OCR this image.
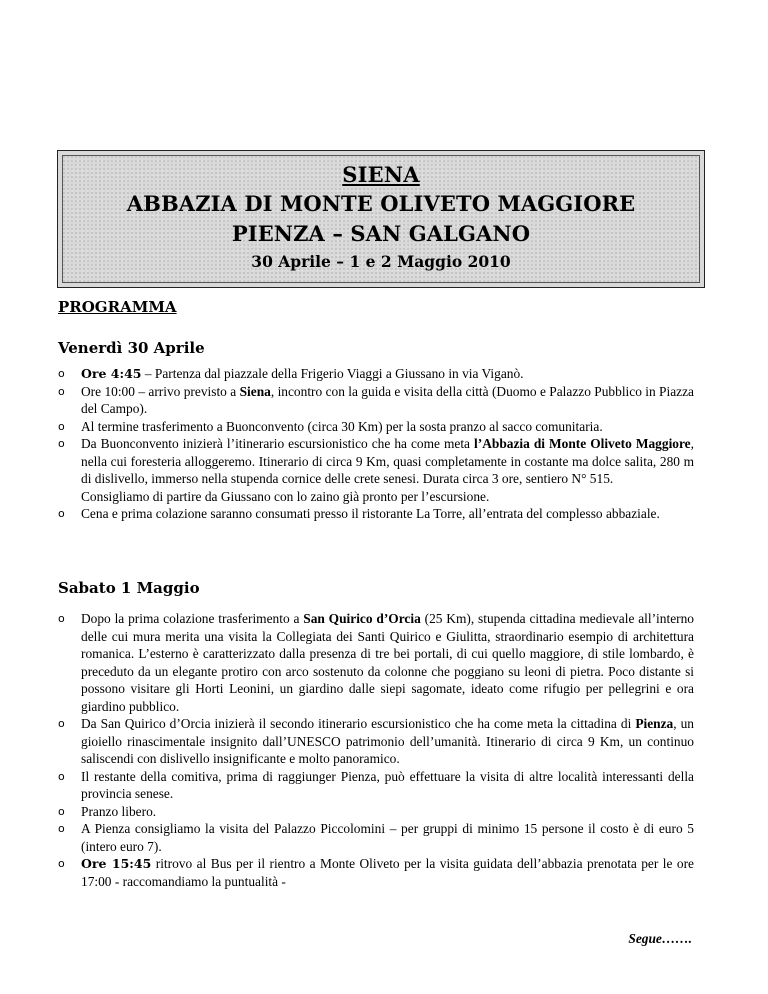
SIENA
ABBAZIA DI MONTE OLIVETO MAGGIORE
PIENZA – SAN GALGANO
30 Aprile – 1 e 2 Maggio 2010
PROGRAMMA
Venerdì 30 Aprile
o Ore 4:45 – Partenza dal piazzale della Frigerio Viaggi a Giussano in via Viganò.
o Ore 10:00 – arrivo previsto a Siena, incontro con la guida e visita della città (Duomo e Palazzo Pubblico in Piazza del Campo).
o Al termine trasferimento a Buonconvento (circa 30 Km) per la sosta pranzo al sacco comunitaria.
o Da Buonconvento inizierà l’itinerario escursionistico che ha come meta l’Abbazia di Monte Oliveto Maggiore, nella cui foresteria alloggeremo. Itinerario di circa 9 Km, quasi completamente in costante ma dolce salita, 280 m di dislivello, immerso nella stupenda cornice delle crete senesi. Durata circa 3 ore, sentiero N° 515.
Consigliamo di partire da Giussano con lo zaino già pronto per l’escursione.
o Cena e prima colazione saranno consumati presso il ristorante La Torre, all’entrata del complesso abbaziale.
Sabato 1 Maggio
o Dopo la prima colazione trasferimento a San Quirico d’Orcia (25 Km), stupenda cittadina medievale all’interno delle cui mura merita una visita la Collegiata dei Santi Quirico e Giulitta, straordinario esempio di architettura romanica. L’esterno è caratterizzato dalla presenza di tre bei portali, di cui quello maggiore, di stile lombardo, è preceduto da un elegante protiro con arco sostenuto da colonne che poggiano su leoni di pietra. Poco distante si possono visitare gli Horti Leonini, un giardino dalle siepi sagomate, ideato come rifugio per pellegrini e ora giardino pubblico.
o Da San Quirico d’Orcia inizierà il secondo itinerario escursionistico che ha come meta la cittadina di Pienza, un gioiello rinascimentale insignito dall’UNESCO patrimonio dell’umanità. Itinerario di circa 9 Km, un continuo saliscendi con dislivello insignificante e molto panoramico.
o Il restante della comitiva, prima di raggiunger Pienza, può effettuare la visita di altre località interessanti della provincia senese.
o Pranzo libero.
o A Pienza consigliamo la visita del Palazzo Piccolomini – per gruppi di minimo 15 persone il costo è di euro 5 (intero euro 7).
o Ore 15:45 ritrovo al Bus per il rientro a Monte Oliveto per la visita guidata dell’abbazia prenotata per le ore 17:00 - raccomandiamo la puntualità -
Segue…….
